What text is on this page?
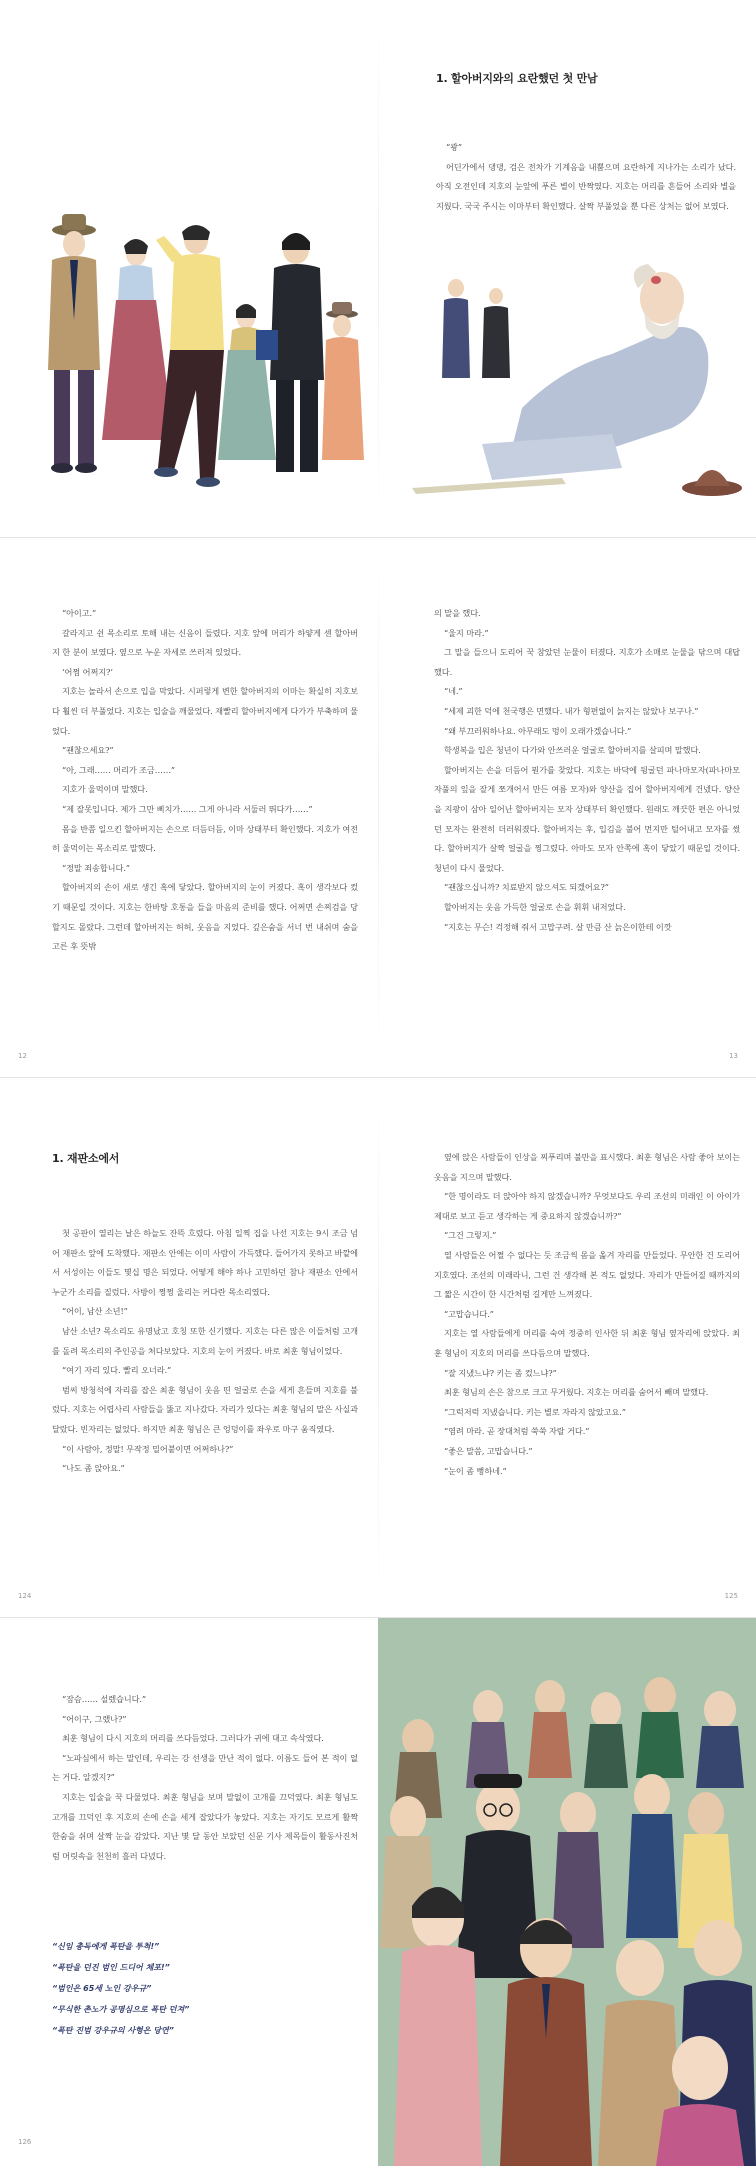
1. 할아버지와의 요란했던 첫 만남

“쾅”

어딘가에서 댕댕, 검은 전차가 기계음을 내뿜으며 요란하게 지나가는 소리가 났다. 아직 오전인데 지호의 눈앞에 푸른 별이 반짝였다. 지호는 머리를 흔들어 소리와 별을 지웠다. 국국 주시는 이마부터 확인했다. 살짝 부풀었을 뿐 다른 상처는 없어 보였다.

“아이고.”

갈라지고 쉰 목소리로 토해 내는 신음이 들렸다. 지호 앞에 머리가 하얗게 센 할아버지 한 분이 보였다. 옆으로 누운 자세로 쓰러져 있었다.

‘어쩜 어쩌지?’

지호는 놀라서 손으로 입을 막았다. 시퍼렇게 변한 할아버지의 이마는 확실히 지호보다 훨씬 더 부풀었다. 지호는 입술을 깨물었다. 재빨리 할아버지에게 다가가 부축하며 물었다.

“괜찮으세요?”

“아, 그래…… 머리가 조금……”

지호가 울먹이며 말했다.

“제 잘못입니다. 제가 그만 삐치가…… 그게 아니라 서둘러 뛰다가……”

몸을 반쯤 일으킨 할아버지는 손으로 더듬더듬, 이마 상태부터 확인했다. 지호가 여전히 울먹이는 목소리로 말했다.

“정말 죄송합니다.”

할아버지의 손이 새로 생긴 혹에 닿았다. 할아버지의 눈이 커졌다. 혹이 생각보다 컸기 때문일 것이다. 지호는 한바탕 호통을 들을 마음의 준비를 했다. 어쩌면 손찌검을 당할지도 몰랐다. 그런데 할아버지는 허허, 웃음을 지었다. 깊은숨을 서너 번 내쉬며 숨을 고른 후 뜻밖

의 말을 했다.

“울지 마라.”

그 말을 들으니 도리어 꾹 참았던 눈물이 터졌다. 지호가 소매로 눈물을 닦으며 대답했다.

“네.”

“세제 괴한 덕에 천국행은 면했다. 내가 형편없이 늙지는 않았나 보구나.”

“왜 부끄러워하나요. 아무래도 멍이 오래가겠습니다.”

학생복을 입은 청년이 다가와 안쓰러운 얼굴로 할아버지를 살피며 말했다.

할아버지는 손을 더듬어 뭔가를 찾았다. 지호는 바닥에 뒹굴던 파나마모자(파나마모자풀의 잎을 잘게 쪼개어서 만든 여름 모자)와 양산을 집어 할아버지에게 건넸다. 양산을 지팡이 삼아 일어난 할아버지는 모자 상태부터 확인했다. 원래도 깨끗한 편은 아니었던 모자는 완전히 더러워졌다. 할아버지는 후, 입김을 불어 먼지만 털어내고 모자를 썼다. 할아버지가 살짝 얼굴을 찡그렸다. 아마도 모자 안쪽에 혹이 닿았기 때문일 것이다. 청년이 다시 물었다.

“괜찮으십니까? 치료받지 않으셔도 되겠어요?”

할아버지는 웃음 가득한 얼굴로 손을 휘휘 내저었다.

“지호는 무슨! 걱정해 줘서 고맙구려. 살 만큼 산 늙은이한테 이깟

12	13
1. 재판소에서

첫 공판이 열리는 날은 하늘도 잔뜩 흐렸다. 아침 일찍 집을 나선 지호는 9시 조금 넘어 재판소 앞에 도착했다. 재판소 안에는 이미 사람이 가득했다. 들어가지 못하고 바깥에서 서성이는 이들도 몇십 명은 되었다. 어떻게 해야 하나 고민하던 참나 재판소 안에서 누군가 소리를 질렀다. 사방이 쩡쩡 울리는 커다란 목소리였다.

“어이, 남산 소년!”

남산 소년? 목소리도 유명났고 호칭 또한 신기했다. 지호는 다른 많은 이들처럼 고개를 돌려 목소리의 주인공을 쳐다보았다. 지호의 눈이 커졌다. 바로 최훈 형님이었다.

“여기 자리 있다. 빨리 오너라.”

범씨 방청석에 자리를 잡은 최훈 형님이 웃음 띤 얼굴로 손을 세게 흔들며 지호를 불렀다. 지호는 어렵사리 사람들을 뚫고 지나갔다. 자리가 있다는 최훈 형님의 말은 사실과 달랐다. 빈자리는 없었다. 하지만 최훈 형님은 큰 엉덩이를 좌우로 마구 움직였다.

“이 사람아, 정말! 무작정 밀어붙이면 어쩌하나?”

“나도 좀 앉아요.”

옆에 앉은 사람들이 인상을 찌푸리며 불만을 표시했다. 최훈 형님은 사람 좋아 보이는 웃음을 지으며 말했다.

“한 명이라도 더 앉아야 하지 않겠습니까? 무엇보다도 우리 조선의 미래인 이 아이가 제대로 보고 듣고 생각하는 게 중요하지 않겠습니까?”

“그건 그렇지.”

열 사람들은 어쩔 수 없다는 듯 조금씩 몸을 옮겨 자리를 만들었다. 무안한 건 도리어 지호였다. 조선의 미래라니, 그런 건 생각해 본 적도 없었다. 자리가 만들어질 때까지의 그 짧은 시간이 한 시간처럼 길게만 느껴졌다.

“고맙습니다.”

지호는 열 사람들에게 머리를 숙여 정중히 인사한 뒤 최훈 형님 옆자리에 앉았다. 최훈 형님이 지호의 머리를 쓰다듬으며 말했다.

“잘 지냈느냐? 키는 좀 컸느냐?”

최훈 형님의 손은 참으로 크고 무거웠다. 지호는 머리를 숨어서 빼며 말했다.

“그럭저럭 지냈습니다. 키는 별로 자라지 않았고요.”

“염려 마라. 곧 장대처럼 쑥쑥 자랄 거다.”

“좋은 말씀, 고맙습니다.”

“눈이 좀 뻥하네.”

124	125

“잠슴…… 설렜습니다.”

“어이구, 그랬나?”

최훈 형님이 다시 지호의 머리를 쓰다듬었다. 그러다가 귀에 대고 속삭였다.

“노파심에서 하는 말인데, 우리는 강 선생을 만난 적이 없다. 이름도 들어 본 적이 없는 거다. 알겠지?”

지호는 입술을 꾹 다물었다. 최훈 형님을 보며 말없이 고개를 끄덕였다. 최훈 형님도 고개를 끄덕인 후 지호의 손에 손을 세게 잡았다가 놓았다. 지호는 자기도 모르게 활짝 한숨을 쉬며 살짝 눈을 감았다. 지난 몇 달 동안 보았던 신문 기사 제목들이 활동사진처럼 머릿속을 천천히 흘러 다녔다.

“신임 총독에게 폭탄을 투척!”
“폭탄을 던진 범인 드디어 체포!”
“범인은 65세 노인 강우규”
“무식한 촌노가 공명심으로 폭탄 던져”
“폭탄 진범 강우규의 사형은 당연”
126
